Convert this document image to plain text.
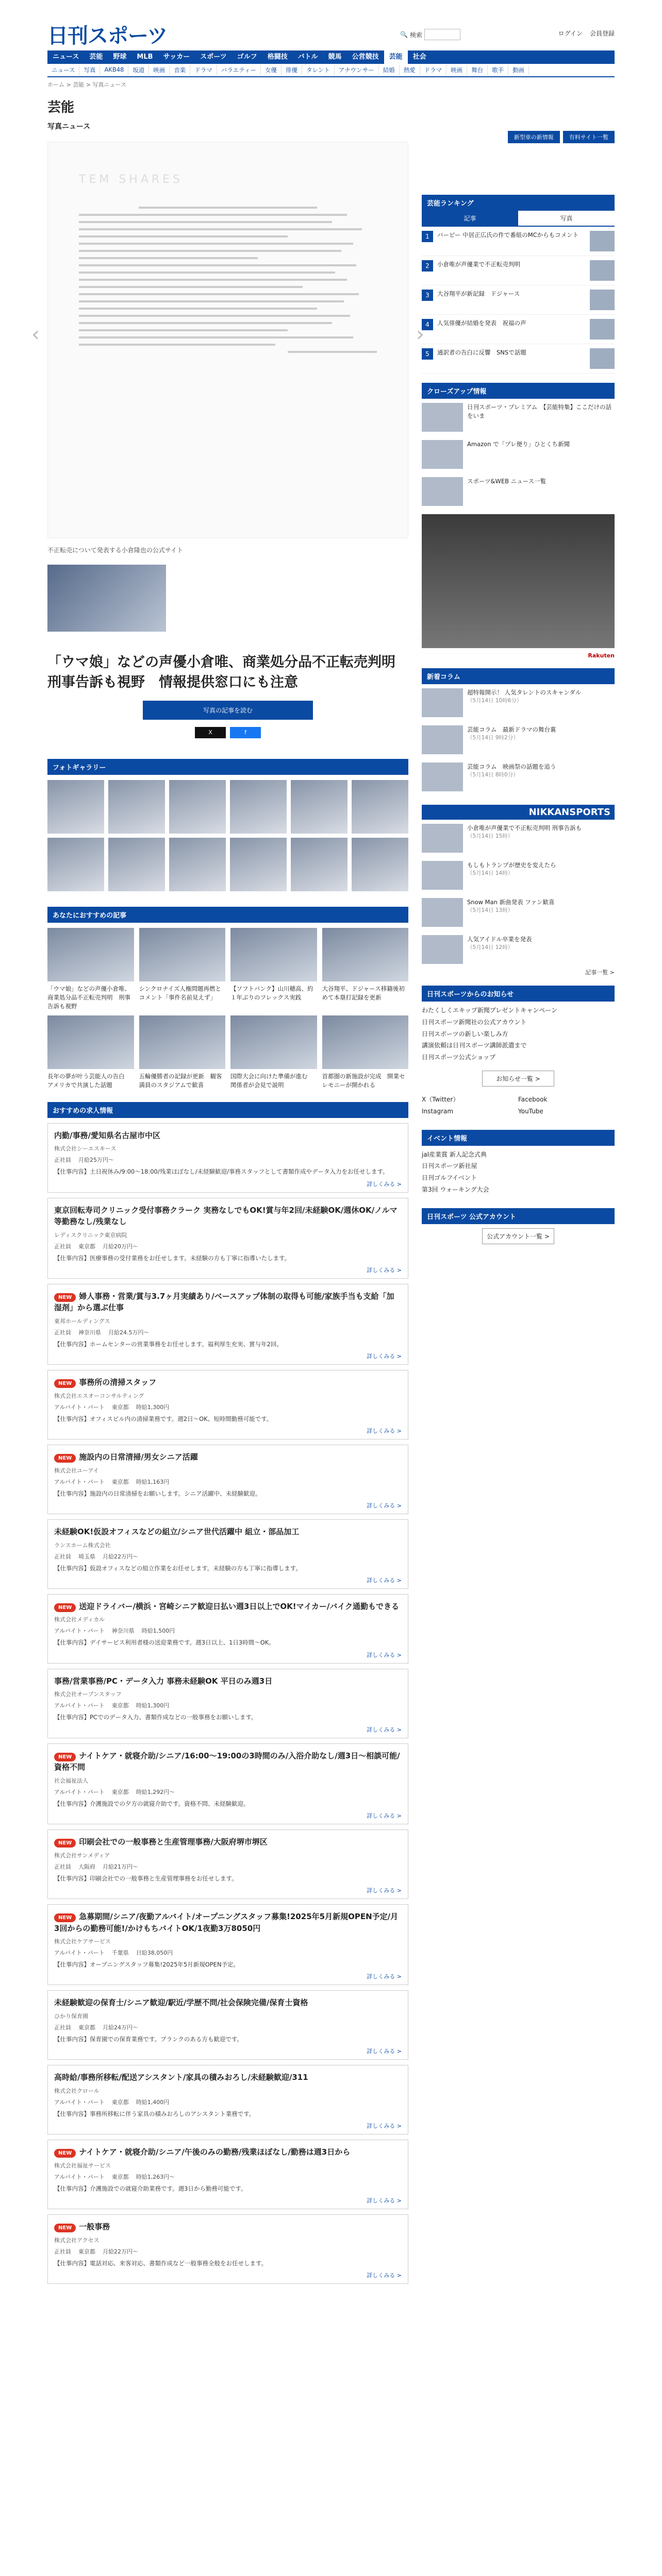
日刊スポーツ	🔍 検索	ログイン 会員登録
ニュース	芸能	野球	MLB	サッカー	スポーツ	ゴルフ	格闘技	バトル	競馬	公営競技	芸能	社会
ニュース	写真	AKB48	坂道	映画	音楽	ドラマ	バラエティー	女優	俳優	タレント	アナウンサー	結婚	熱愛	ドラマ	映画	舞台	歌手	動画
ホーム > 芸能 > 写真ニュース
新型車の新情報	有料サイト一覧
芸能
写真ニュース
‹	›
TEM SHARES
不正転売について発表する小倉隆也の公式サイト
「ウマ娘」などの声優小倉唯、商業処分品不正転売判明　刑事告訴も視野　情報提供窓口にも注意
写真の記事を読む
X	f
フォトギャラリー
あなたにおすすめの記事
「ウマ娘」などの声優小倉唯、商業処分品不正転売判明　刑事告訴も視野
シンクロナイズ人権問題再燃とコメント「事件名前見えず」
【ソフトバンク】山川穂高、約１年ぶりのフレックス実践
大谷翔平、ドジャース移籍後初めて本塁打記録を更新
長年の夢が叶う芸能人の告白　アメリカで共演した話題
五輪優勝者の記録が更新　観客満員のスタジアムで歓喜
国際大会に向けた準備が進む　関係者が会見で説明
首都圏の新施設が完成　開業セレモニーが開かれる
おすすめの求人情報
内勤/事務/愛知県名古屋市中区
株式会社シーエスキース
正社員 月給25万円～
【仕事内容】土日祝休み/9:00〜18:00/残業ほぼなし/未経験歓迎/事務スタッフとして書類作成やデータ入力をお任せします。
詳しくみる >
東京回転寿司クリニック受付事務クラーク 実務なしでもOK!賞与年2回/未経験OK/週休OK/ノルマ等勤務なし/残業なし
レディスクリニック東京病院
正社員 東京都 月給20万円～
【仕事内容】医療事務の受付業務をお任せします。未経験の方も丁寧に指導いたします。
詳しくみる >
NEW 婦人事務・営業/賞与3.7ヶ月実績あり/ベースアップ体制の取得も可能/家族手当も支給「加湿剤」から選ぶ仕事
東邦ホールディングス
正社員 神奈川県 月給24.5万円～
【仕事内容】ホームセンターの営業事務をお任せします。福利厚生充実、賞与年2回。
詳しくみる >
NEW 事務所の清掃スタッフ
株式会社エスオーコンサルティング
アルバイト・パート 東京都 時給1,300円
【仕事内容】オフィスビル内の清掃業務です。週2日〜OK、短時間勤務可能です。
詳しくみる >
NEW 施設内の日常清掃/男女シニア活躍
株式会社ユーアイ
アルバイト・パート 東京都 時給1,163円
【仕事内容】施設内の日常清掃をお願いします。シニア活躍中、未経験歓迎。
詳しくみる >
未経験OK!仮設オフィスなどの組立/シニア世代活躍中 組立・部品加工
ランスホーム株式会社
正社員 埼玉県 月給22万円～
【仕事内容】仮設オフィスなどの組立作業をお任せします。未経験の方も丁寧に指導します。
詳しくみる >
NEW 送迎ドライバー/横浜・宮崎シニア歓迎日払い週3日以上でOK!マイカー/バイク通勤もできる
株式会社メディカル
アルバイト・パート 神奈川県 時給1,500円
【仕事内容】デイサービス利用者様の送迎業務です。週3日以上、1日3時間〜OK。
詳しくみる >
事務/営業事務/PC・データ入力 事務未経験OK 平日のみ週3日
株式会社オープンスタッフ
アルバイト・パート 東京都 時給1,300円
【仕事内容】PCでのデータ入力、書類作成などの一般事務をお願いします。
詳しくみる >
NEW ナイトケア・就寝介助/シニア/16:00〜19:00の3時間のみ/入浴介助なし/週3日〜相談可能/資格不問
社会福祉法人
アルバイト・パート 東京都 時給1,292円～
【仕事内容】介護施設での夕方の就寝介助です。資格不問、未経験歓迎。
詳しくみる >
NEW 印刷会社での一般事務と生産管理事務/大阪府堺市堺区
株式会社サンメディア
正社員 大阪府 月給21万円～
【仕事内容】印刷会社での一般事務と生産管理事務をお任せします。
詳しくみる >
NEW 急募期間/シニア/夜勤アルバイト/オープニングスタッフ募集!2025年5月新規OPEN予定/月3回からの勤務可能!/かけもちバイトOK/1夜勤3万8050円
株式会社ケアサービス
アルバイト・パート 千葉県 日給38,050円
【仕事内容】オープニングスタッフ募集!2025年5月新規OPEN予定。
詳しくみる >
未経験歓迎の保育士/シニア歓迎/駅近/学歴不問/社会保険完備/保育士資格
ひかり保育園
正社員 東京都 月給24万円～
【仕事内容】保育園での保育業務です。ブランクのある方も歓迎です。
詳しくみる >
高時給/事務所移転/配送アシスタント/家具の積みおろし/未経験歓迎/311
株式会社クロール
アルバイト・パート 東京都 時給1,400円
【仕事内容】事務所移転に伴う家具の積みおろしのアシスタント業務です。
詳しくみる >
NEW ナイトケア・就寝介助/シニア/午後のみの勤務/残業ほぼなし/勤務は週3日から
株式会社福祉サービス
アルバイト・パート 東京都 時給1,263円～
【仕事内容】介護施設での就寝介助業務です。週3日から勤務可能です。
詳しくみる >
NEW 一般事務
株式会社アクセス
正社員 東京都 月給22万円～
【仕事内容】電話対応、来客対応、書類作成など一般事務全般をお任せします。
詳しくみる >
芸能ランキング
記事	写真
1	バーピー 中居正広氏の件で番組のMCからもコメント
2	小倉唯が声優業で不正転売判明
3	大谷翔平が新記録　ドジャース
4	人気俳優が結婚を発表　祝福の声
5	通訳者の告白に反響　SNSで話題
クローズアップ情報
日刊スポーツ・プレミアム　【芸能特集】ここだけの話をいま
Amazon で「プレ便り」ひとくち新聞
スポーツ&WEB ニュース一覧
Rakuten
新着コラム
超特報開示！ 人気タレントのスキャンダル
（5月14日 10時6分）
芸能コラム　最新ドラマの舞台裏
（5月14日 9時2分）
芸能コラム　映画祭の話題を追う
（5月14日 8時0分）
NIKKANSPORTS
小倉唯が声優業で不正転売判明 刑事告訴も
（5月14日 15時）
もしもトランプが歴史を変えたら
（5月14日 14時）
Snow Man 新曲発表 ファン歓喜
（5月14日 13時）
人気アイドル卒業を発表
（5月14日 12時）
記事一覧 >
日刊スポーツからのお知らせ
わたくしくエキップ新聞プレゼントキャンペーン
日刊スポーツ新聞社の公式アカウント
日刊スポーツの新しい楽しみ方
講演依頼は日刊スポーツ講師派遣まで
日刊スポーツ公式ショップ
お知らせ一覧 >
X（Twitter）	Facebook
Instagram	YouTube
イベント情報
jal産業賞 新人記念式典
日刊スポーツ新社屋
日刊ゴルフイベント
第3回 ウォーキング大会
日刊スポーツ 公式アカウント
公式アカウント一覧 >
